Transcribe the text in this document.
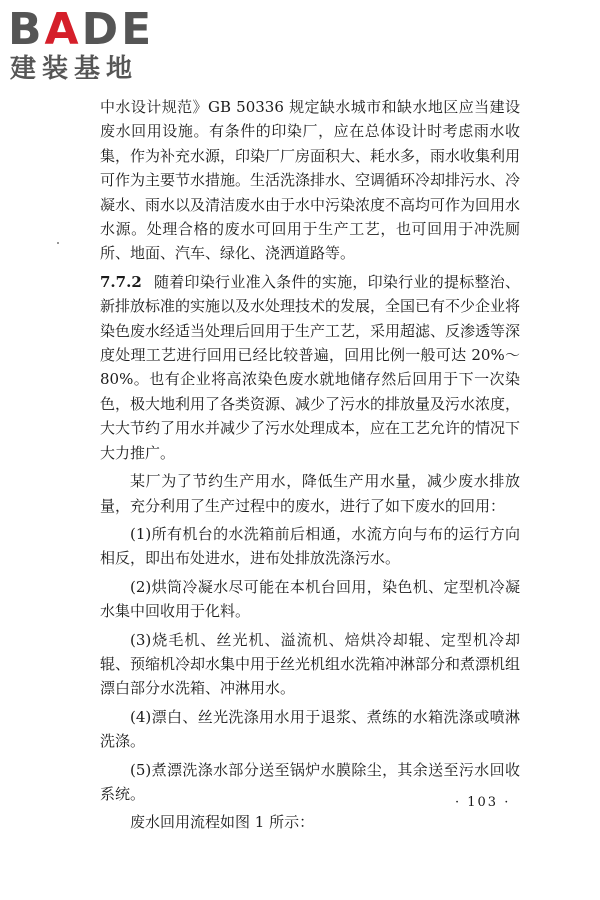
BADE
建装基地

中水设计规范》GB 50336 规定缺水城市和缺水地区应当建设废水回用设施。有条件的印染厂，应在总体设计时考虑雨水收集，作为补充水源，印染厂厂房面积大、耗水多，雨水收集利用可作为主要节水措施。生活洗涤排水、空调循环冷却排污水、冷凝水、雨水以及清洁废水由于水中污染浓度不高均可作为回用水水源。处理合格的废水可回用于生产工艺，也可回用于冲洗厕所、地面、汽车、绿化、浇洒道路等。

7.7.2 随着印染行业准入条件的实施，印染行业的提标整治、新排放标准的实施以及水处理技术的发展，全国已有不少企业将染色废水经适当处理后回用于生产工艺，采用超滤、反渗透等深度处理工艺进行回用已经比较普遍，回用比例一般可达 20%～80%。也有企业将高浓染色废水就地储存然后回用于下一次染色，极大地利用了各类资源、减少了污水的排放量及污水浓度，大大节约了用水并减少了污水处理成本，应在工艺允许的情况下大力推广。

某厂为了节约生产用水，降低生产用水量，减少废水排放量，充分利用了生产过程中的废水，进行了如下废水的回用：

(1)所有机台的水洗箱前后相通，水流方向与布的运行方向相反，即出布处进水，进布处排放洗涤污水。

(2)烘筒冷凝水尽可能在本机台回用，染色机、定型机冷凝水集中回收用于化料。

(3)烧毛机、丝光机、溢流机、焙烘冷却辊、定型机冷却辊、预缩机冷却水集中用于丝光机组水洗箱冲淋部分和煮漂机组漂白部分水洗箱、冲淋用水。

(4)漂白、丝光洗涤用水用于退浆、煮练的水箱洗涤或喷淋洗涤。

(5)煮漂洗涤水部分送至锅炉水膜除尘，其余送至污水回收系统。

废水回用流程如图 1 所示：

· 103 ·
